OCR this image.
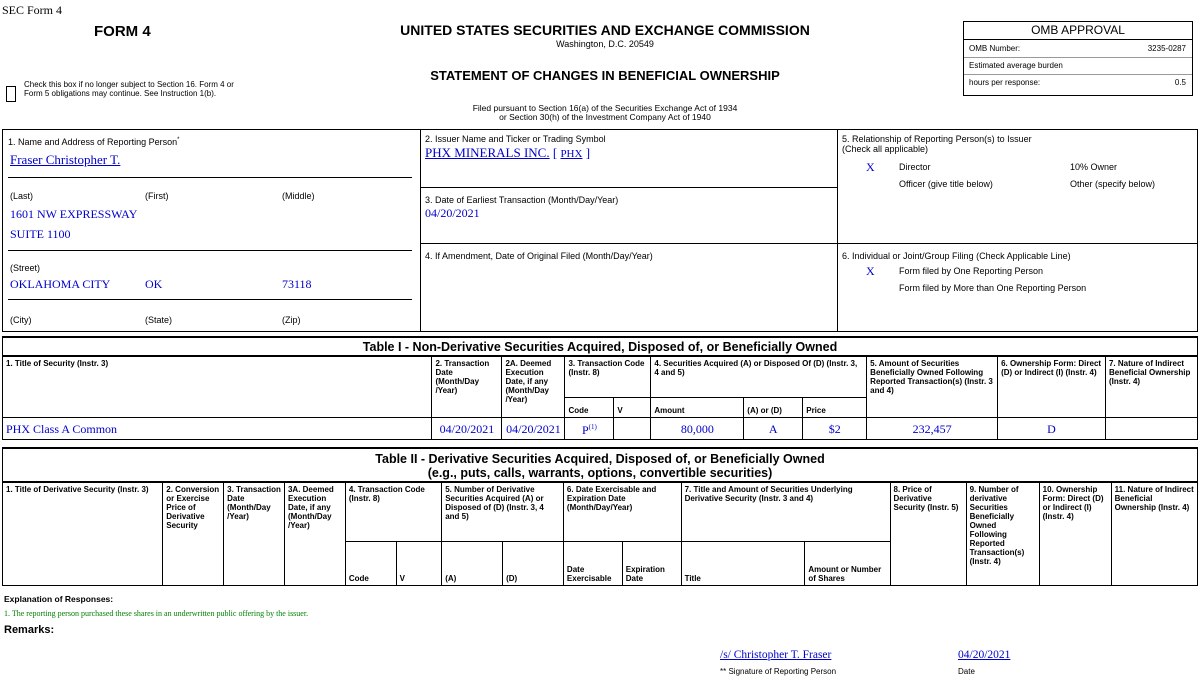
SEC Form 4
FORM 4	UNITED STATES SECURITIES AND EXCHANGE COMMISSION
Washington, D.C. 20549
STATEMENT OF CHANGES IN BENEFICIAL OWNERSHIP
Filed pursuant to Section 16(a) of the Securities Exchange Act of 1934
or Section 30(h) of the Investment Company Act of 1940
Check this box if no longer subject to Section 16. Form 4 or Form 5 obligations may continue. See Instruction 1(b).
OMB APPROVAL
OMB Number:	3235-0287
Estimated average burden
hours per response:	0.5
1. Name and Address of Reporting Person*
Fraser Christopher T.
(Last)	(First)	(Middle)
1601 NW EXPRESSWAY
SUITE 1100
(Street)
OKLAHOMA CITY	OK	73118
(City)	(State)	(Zip)
2. Issuer Name and Ticker or Trading Symbol
PHX MINERALS INC. [ PHX ]
3. Date of Earliest Transaction (Month/Day/Year)
04/20/2021
4. If Amendment, Date of Original Filed (Month/Day/Year)
5. Relationship of Reporting Person(s) to Issuer
(Check all applicable)
X	Director	10% Owner
Officer (give title below)	Other (specify below)
6. Individual or Joint/Group Filing (Check Applicable Line)
X	Form filed by One Reporting Person
Form filed by More than One Reporting Person
Table I - Non-Derivative Securities Acquired, Disposed of, or Beneficially Owned
1. Title of Security (Instr. 3)	2. Transaction Date (Month/Day /Year)	2A. Deemed Execution Date, if any (Month/Day /Year)	3. Transaction Code (Instr. 8)		4. Securities Acquired (A) or Disposed Of (D) (Instr. 3, 4 and 5)			5. Amount of Securities Beneficially Owned Following Reported Transaction(s) (Instr. 3 and 4)	6. Ownership Form: Direct (D) or Indirect (I) (Instr. 4)	7. Nature of Indirect Beneficial Ownership (Instr. 4)
			Code	V	Amount	(A) or (D)	Price			
PHX Class A Common	04/20/2021	04/20/2021	$P^{(1)}$		80,000	A	$2	232,457	D	
Table II - Derivative Securities Acquired, Disposed of, or Beneficially Owned
(e.g., puts, calls, warrants, options, convertible securities)
1. Title of Derivative Security (Instr. 3)	2. Conversion or Exercise Price of Derivative Security	3. Transaction Date (Month/Day /Year)	3A. Deemed Execution Date, if any (Month/Day /Year)	4. Transaction Code (Instr. 8)		5. Number of Derivative Securities Acquired (A) or Disposed of (D) (Instr. 3, 4 and 5)		6. Date Exercisable and Expiration Date (Month/Day/Year)		7. Title and Amount of Securities Underlying Derivative Security (Instr. 3 and 4)		8. Price of Derivative Security (Instr. 5)	9. Number of derivative Securities Beneficially Owned Following Reported Transaction(s) (Instr. 4)	10. Ownership Form: Direct (D) or Indirect (I) (Instr. 4)	11. Nature of Indirect Beneficial Ownership (Instr. 4)
				Code	V	(A)	(D)	Date Exercisable	Expiration Date	Title	Amount or Number of Shares				
Explanation of Responses:
1. The reporting person purchased these shares in an underwritten public offering by the issuer.
Remarks:
/s/ Christopher T. Fraser	04/20/2021
** Signature of Reporting Person	Date
